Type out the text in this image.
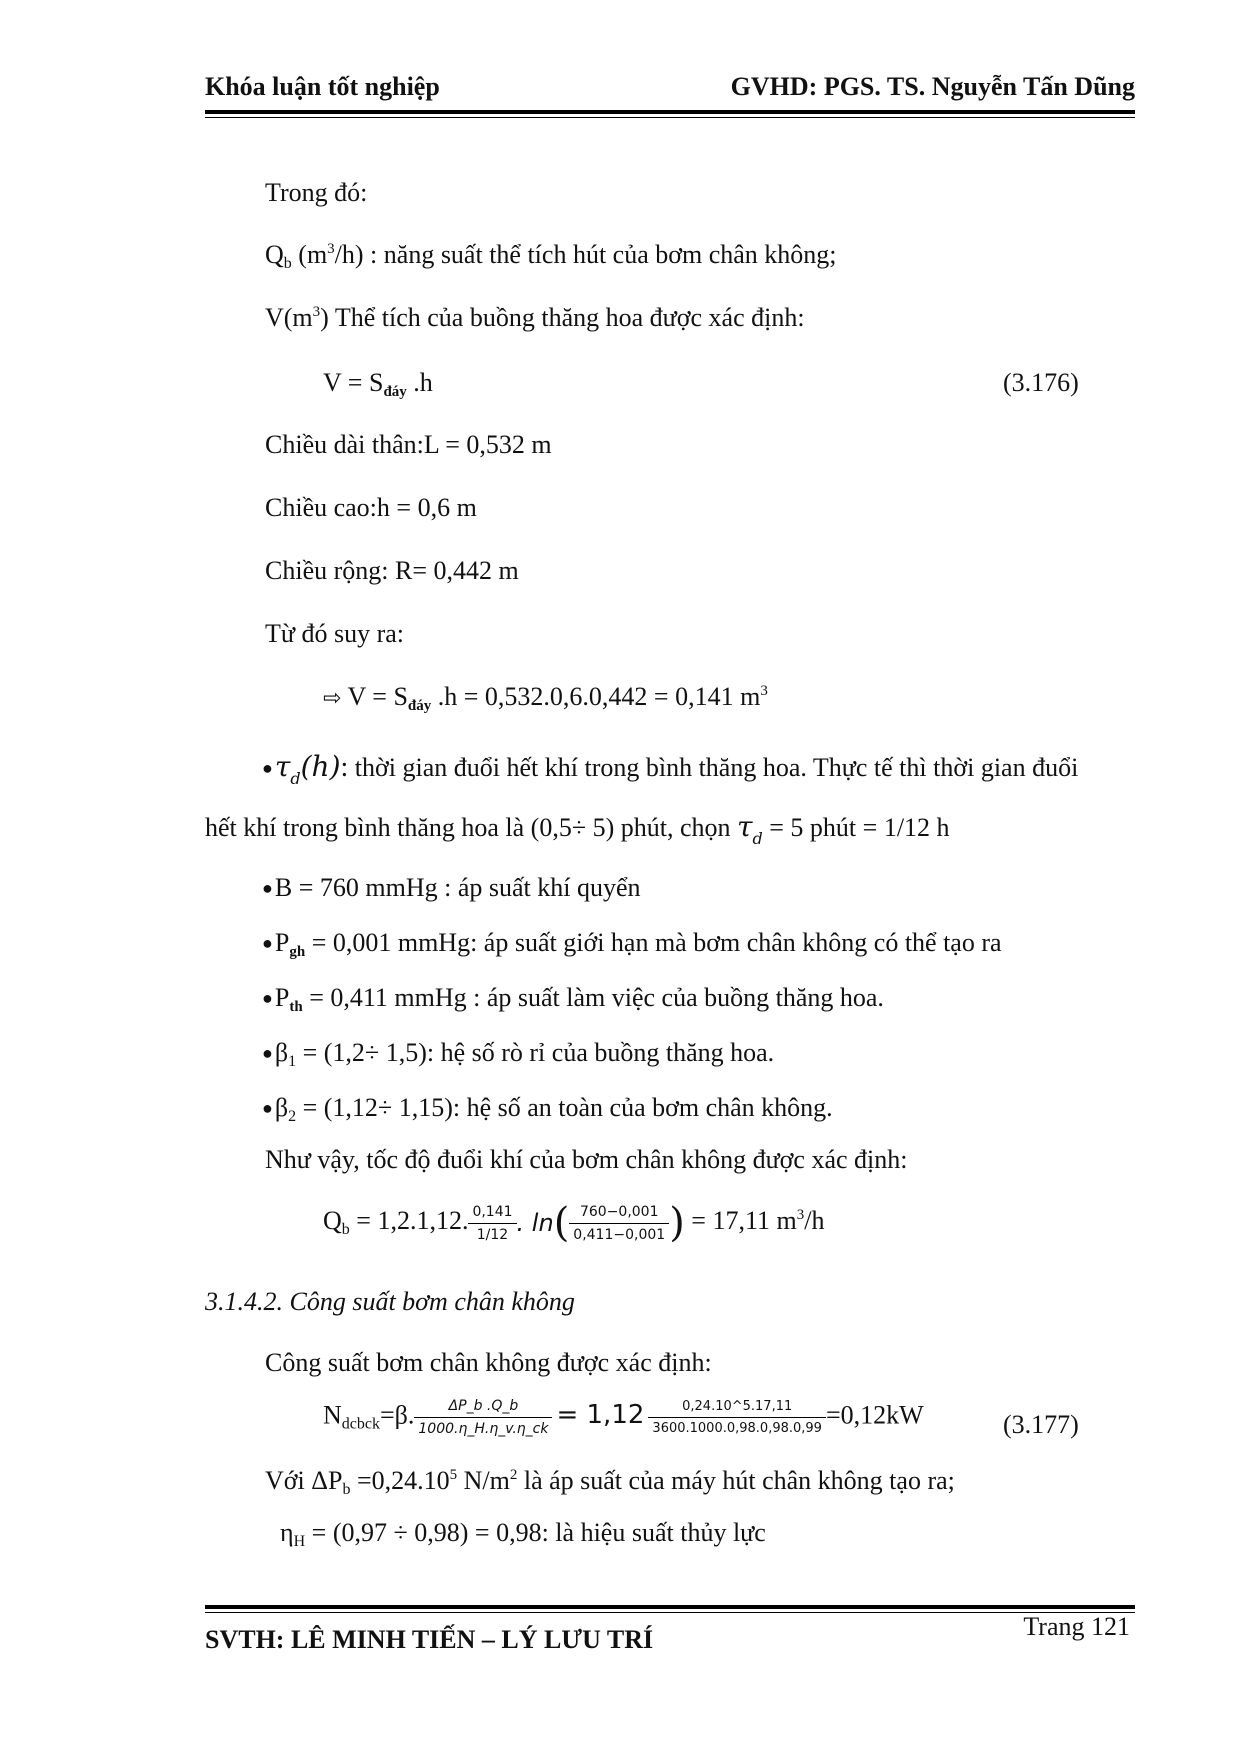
Khóa luận tốt nghiệp	GVHD: PGS. TS. Nguyễn Tấn Dũng
Trong đó:
$Q_b$ $(m^3/h)$ : năng suất thể tích hút của bơm chân không;
$V(m^3)$ Thể tích của buồng thăng hoa được xác định:
V = Sđáy .h	(3.176)
Chiều dài thân:L = 0,532 m
Chiều cao:h = 0,6 m
Chiều rộng: R= 0,442 m
Từ đó suy ra:
⇨ V = Sđáy .h = 0,532.0,6.0,442 = 0,141 $m^3$
$●\tau_d(h)$: thời gian đuổi hết khí trong bình thăng hoa. Thực tế thì thời gian đuổi
hết khí trong bình thăng hoa là (0,5÷ 5) phút, chọn $\tau_d = 5$ phút = 1/12 h
●B = 760 mmHg : áp suất khí quyển
●Pgh = 0,001 mmHg: áp suất giới hạn mà bơm chân không có thể tạo ra
●Pth = 0,411 mmHg : áp suất làm việc của buồng thăng hoa.
$●\beta_1 = (1,2\div 1,5)$: hệ số rò rỉ của buồng thăng hoa.
$●\beta_2 = (1,12\div 1,15)$: hệ số an toàn của bơm chân không.
Như vậy, tốc độ đuổi khí của bơm chân không được xác định:
$Q_b = 1,2.1,12$. $\frac{0,141}{1/12}$ . $\ln( \frac{760-0,001}{0,411-0,001}$ ) = 17,11 $m^3/h$
3.1.4.2. Công suất bơm chân không
Công suất bơm chân không được xác định:
$N_{dcbck}=\beta$. $\frac{\Delta P\_b .Q\_b}{1000.\eta\_H.\eta\_v.\eta\_ck} = 1,12 \frac{0,24.10\^{}5.17,11}{3600.1000.0,98.0,98.0,99} =0,12kW$	(3.177)
Với $\Delta P_b =0,24.10^5$ $N/m^2$ là áp suất của máy hút chân không tạo ra;
$\eta_H = (0,97 \div 0,98) = 0,98$: là hiệu suất thủy lực
SVTH: LÊ MINH TIẾN – LÝ LƯU TRÍ	Trang 121
